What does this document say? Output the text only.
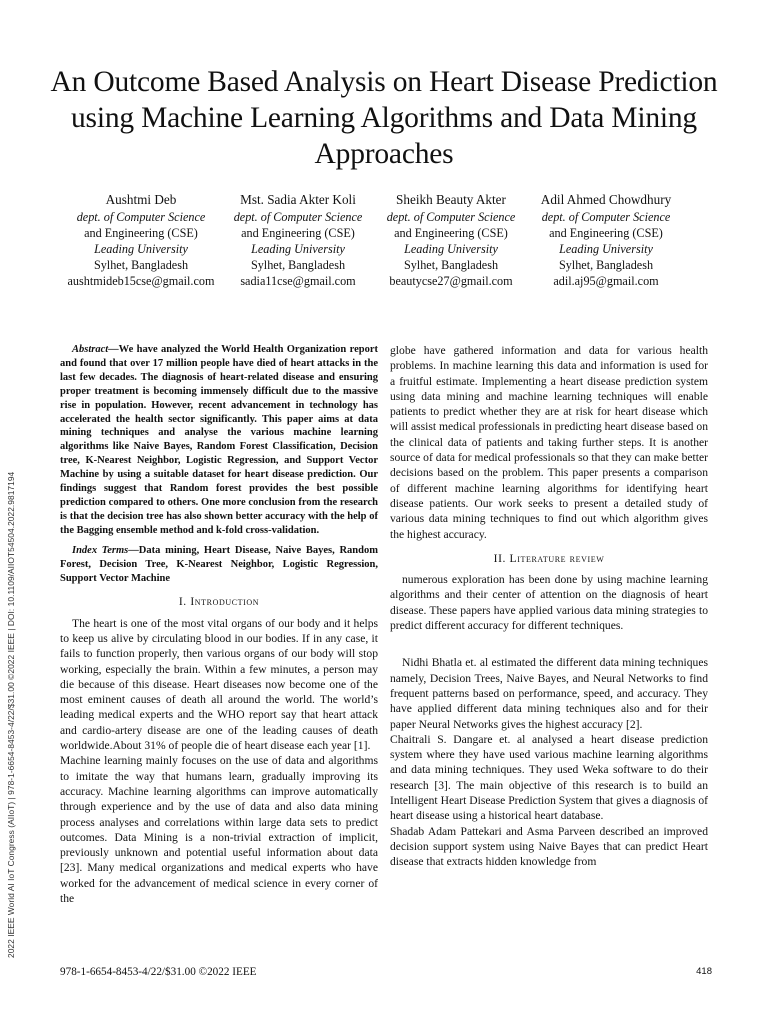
2022 IEEE World AI IoT Congress (AIIoT) | 978-1-6654-8453-4/22/$31.00 ©2022 IEEE | DOI: 10.1109/AIIOT54504.2022.9817194
An Outcome Based Analysis on Heart Disease Prediction using Machine Learning Algorithms and Data Mining Approaches
Aushtmi Deb
dept. of Computer Science
and Engineering (CSE)
Leading University
Sylhet, Bangladesh
aushtmideb15cse@gmail.com
Mst. Sadia Akter Koli
dept. of Computer Science
and Engineering (CSE)
Leading University
Sylhet, Bangladesh
sadia11cse@gmail.com
Sheikh Beauty Akter
dept. of Computer Science
and Engineering (CSE)
Leading University
Sylhet, Bangladesh
beautycse27@gmail.com
Adil Ahmed Chowdhury
dept. of Computer Science
and Engineering (CSE)
Leading University
Sylhet, Bangladesh
adil.aj95@gmail.com

Abstract—We have analyzed the World Health Organization report and found that over 17 million people have died of heart attacks in the last few decades. The diagnosis of heart-related disease and ensuring proper treatment is becoming immensely difficult due to the massive rise in population. However, recent advancement in technology has accelerated the health sector significantly. This paper aims at data mining techniques and analyse the various machine learning algorithms like Naive Bayes, Random Forest Classification, Decision tree, K-Nearest Neighbor, Logistic Regression, and Support Vector Machine by using a suitable dataset for heart disease prediction. Our findings suggest that Random forest provides the best possible prediction compared to others. One more conclusion from the research is that the decision tree has also shown better accuracy with the help of the Bagging ensemble method and k-fold cross-validation.

Index Terms—Data mining, Heart Disease, Naive Bayes, Random Forest, Decision Tree, K-Nearest Neighbor, Logistic Regression, Support Vector Machine

I. Introduction

The heart is one of the most vital organs of our body and it helps to keep us alive by circulating blood in our bodies. If in any case, it fails to function properly, then various organs of our body will stop working, especially the brain. Within a few minutes, a person may die because of this disease. Heart diseases now become one of the most eminent causes of death all around the world. The world’s leading medical experts and the WHO report say that heart attack and cardio-artery disease are one of the leading causes of death worldwide.About 31% of people die of heart disease each year [1].

Machine learning mainly focuses on the use of data and algorithms to imitate the way that humans learn, gradually improving its accuracy. Machine learning algorithms can improve automatically through experience and by the use of data and also data mining process analyses and correlations within large data sets to predict outcomes. Data Mining is a non-trivial extraction of implicit, previously unknown and potential useful information about data [23]. Many medical organizations and medical experts who have worked for the advancement of medical science in every corner of the

globe have gathered information and data for various health problems. In machine learning this data and information is used for a fruitful estimate. Implementing a heart disease prediction system using data mining and machine learning techniques will enable patients to predict whether they are at risk for heart disease which will assist medical professionals in predicting heart disease based on the clinical data of patients and taking further steps. It is another source of data for medical professionals so that they can make better decisions based on the problem. This paper presents a comparison of different machine learning algorithms for identifying heart disease patients. Our work seeks to present a detailed study of various data mining techniques to find out which algorithm gives the highest accuracy.

II. Literature review

numerous exploration has been done by using machine learning algorithms and their center of attention on the diagnosis of heart disease. These papers have applied various data mining strategies to predict different accuracy for different techniques.

Nidhi Bhatla et. al estimated the different data mining techniques namely, Decision Trees, Naive Bayes, and Neural Networks to find frequent patterns based on performance, speed, and accuracy. They have applied different data mining techniques also and for their paper Neural Networks gives the highest accuracy [2].

Chaitrali S. Dangare et. al analysed a heart disease prediction system where they have used various machine learning algorithms and data mining techniques. They used Weka software to do their research [3]. The main objective of this research is to build an Intelligent Heart Disease Prediction System that gives a diagnosis of heart disease using a historical heart database.

Shadab Adam Pattekari and Asma Parveen described an improved decision support system using Naive Bayes that can predict Heart disease that extracts hidden knowledge from

978-1-6654-8453-4/22/$31.00 ©2022 IEEE	418
